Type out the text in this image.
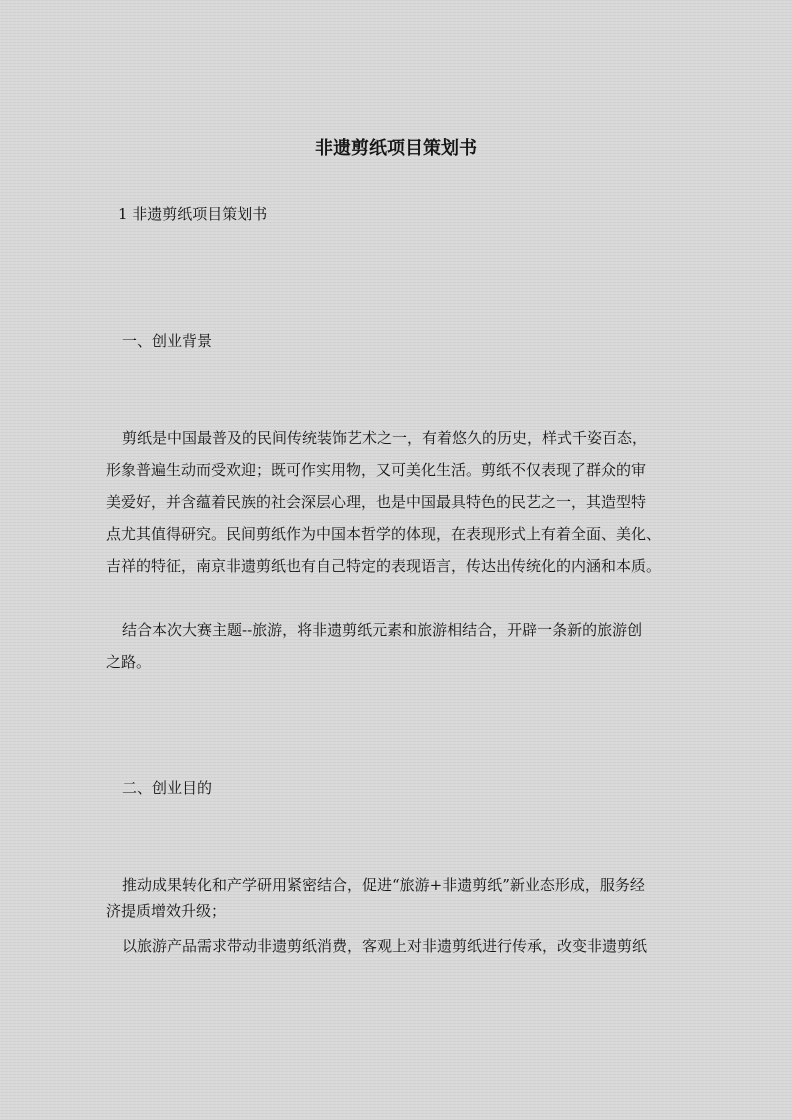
非遗剪纸项目策划书
1 非遗剪纸项目策划书
一、创业背景
剪纸是中国最普及的民间传统装饰艺术之一，有着悠久的历史，样式千姿百态，
形象普遍生动而受欢迎；既可作实用物，又可美化生活。剪纸不仅表现了群众的审
美爱好，并含蕴着民族的社会深层心理，也是中国最具特色的民艺之一，其造型特
点尤其值得研究。民间剪纸作为中国本哲学的体现，在表现形式上有着全面、美化、
吉祥的特征，南京非遗剪纸也有自己特定的表现语言，传达出传统化的内涵和本质。
结合本次大赛主题--旅游，将非遗剪纸元素和旅游相结合，开辟一条新的旅游创
之路。
二、创业目的
推动成果转化和产学研用紧密结合，促进“旅游+非遗剪纸”新业态形成，服务经
济提质增效升级；
以旅游产品需求带动非遗剪纸消费，客观上对非遗剪纸进行传承，改变非遗剪纸
